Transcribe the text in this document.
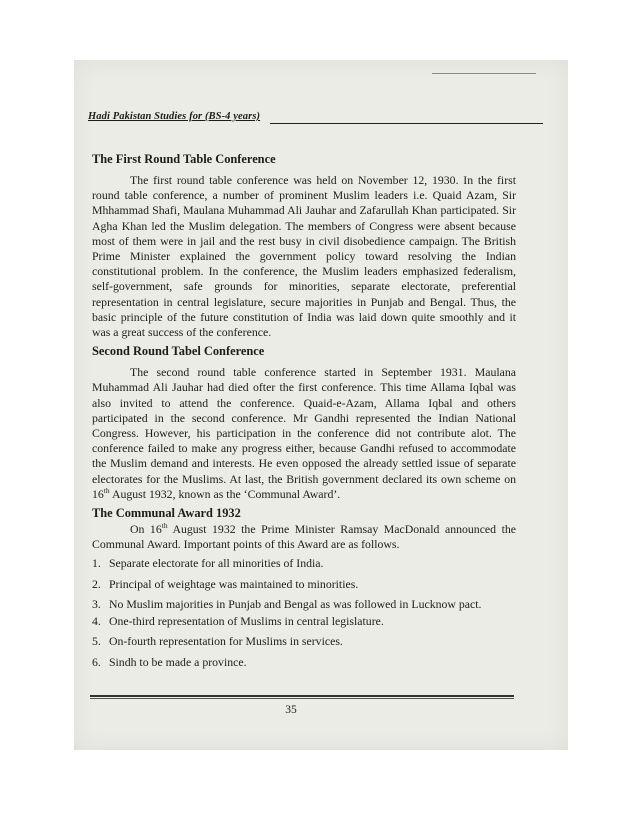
Hadi Pakistan Studies for (BS-4 years)
The First Round Table Conference

The first round table conference was held on November 12, 1930. In the first round table conference, a number of prominent Muslim leaders i.e. Quaid Azam, Sir Mhhammad Shafi, Maulana Muhammad Ali Jauhar and Zafarullah Khan participated. Sir Agha Khan led the Muslim delegation. The members of Congress were absent because most of them were in jail and the rest busy in civil disobedience campaign. The British Prime Minister explained the government policy toward resolving the Indian constitutional problem. In the conference, the Muslim leaders emphasized federalism, self-government, safe grounds for minorities, separate electorate, preferential representation in central legislature, secure majorities in Punjab and Bengal. Thus, the basic principle of the future constitution of India was laid down quite smoothly and it was a great success of the conference.

Second Round Tabel Conference

The second round table conference started in September 1931. Maulana Muhammad Ali Jauhar had died ofter the first conference. This time Allama Iqbal was also invited to attend the conference. Quaid-e-Azam, Allama Iqbal and others participated in the second conference. Mr Gandhi represented the Indian National Congress. However, his participation in the conference did not contribute alot. The conference failed to make any progress either, because Gandhi refused to accommodate the Muslim demand and interests. He even opposed the already settled issue of separate electorates for the Muslims. At last, the British government declared its own scheme on 16th August 1932, known as the ‘Communal Award’.

The Communal Award 1932

On 16th August 1932 the Prime Minister Ramsay MacDonald announced the Communal Award. Important points of this Award are as follows.

1. Separate electorate for all minorities of India.
2. Principal of weightage was maintained to minorities.
3. No Muslim majorities in Punjab and Bengal as was followed in Lucknow pact.
4. One-third representation of Muslims in central legislature.
5. On-fourth representation for Muslims in services.
6. Sindh to be made a province.
35
